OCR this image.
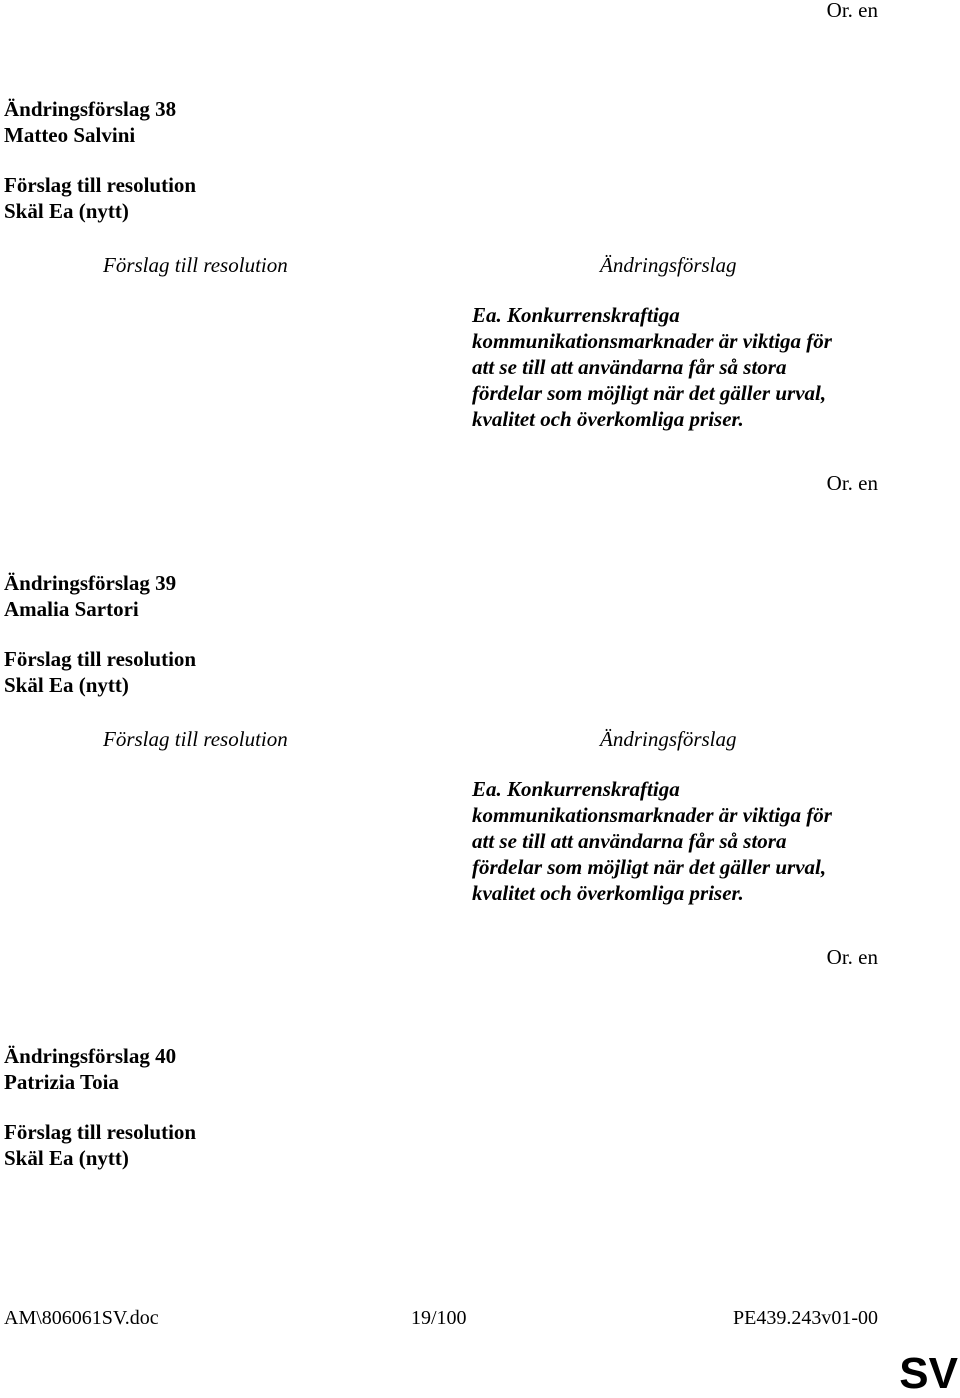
Or. en
Ändringsförslag 38
Matteo Salvini
Förslag till resolution
Skäl Ea (nytt)
Förslag till resolution	Ändringsförslag
Ea. Konkurrenskraftiga
kommunikationsmarknader är viktiga för
att se till att användarna får så stora
fördelar som möjligt när det gäller urval,
kvalitet och överkomliga priser.
Or. en
Ändringsförslag 39
Amalia Sartori
Förslag till resolution
Skäl Ea (nytt)
Förslag till resolution	Ändringsförslag
Ea. Konkurrenskraftiga
kommunikationsmarknader är viktiga för
att se till att användarna får så stora
fördelar som möjligt när det gäller urval,
kvalitet och överkomliga priser.
Or. en
Ändringsförslag 40
Patrizia Toia
Förslag till resolution
Skäl Ea (nytt)
AM\806061SV.doc	19/100	PE439.243v01-00
SV
